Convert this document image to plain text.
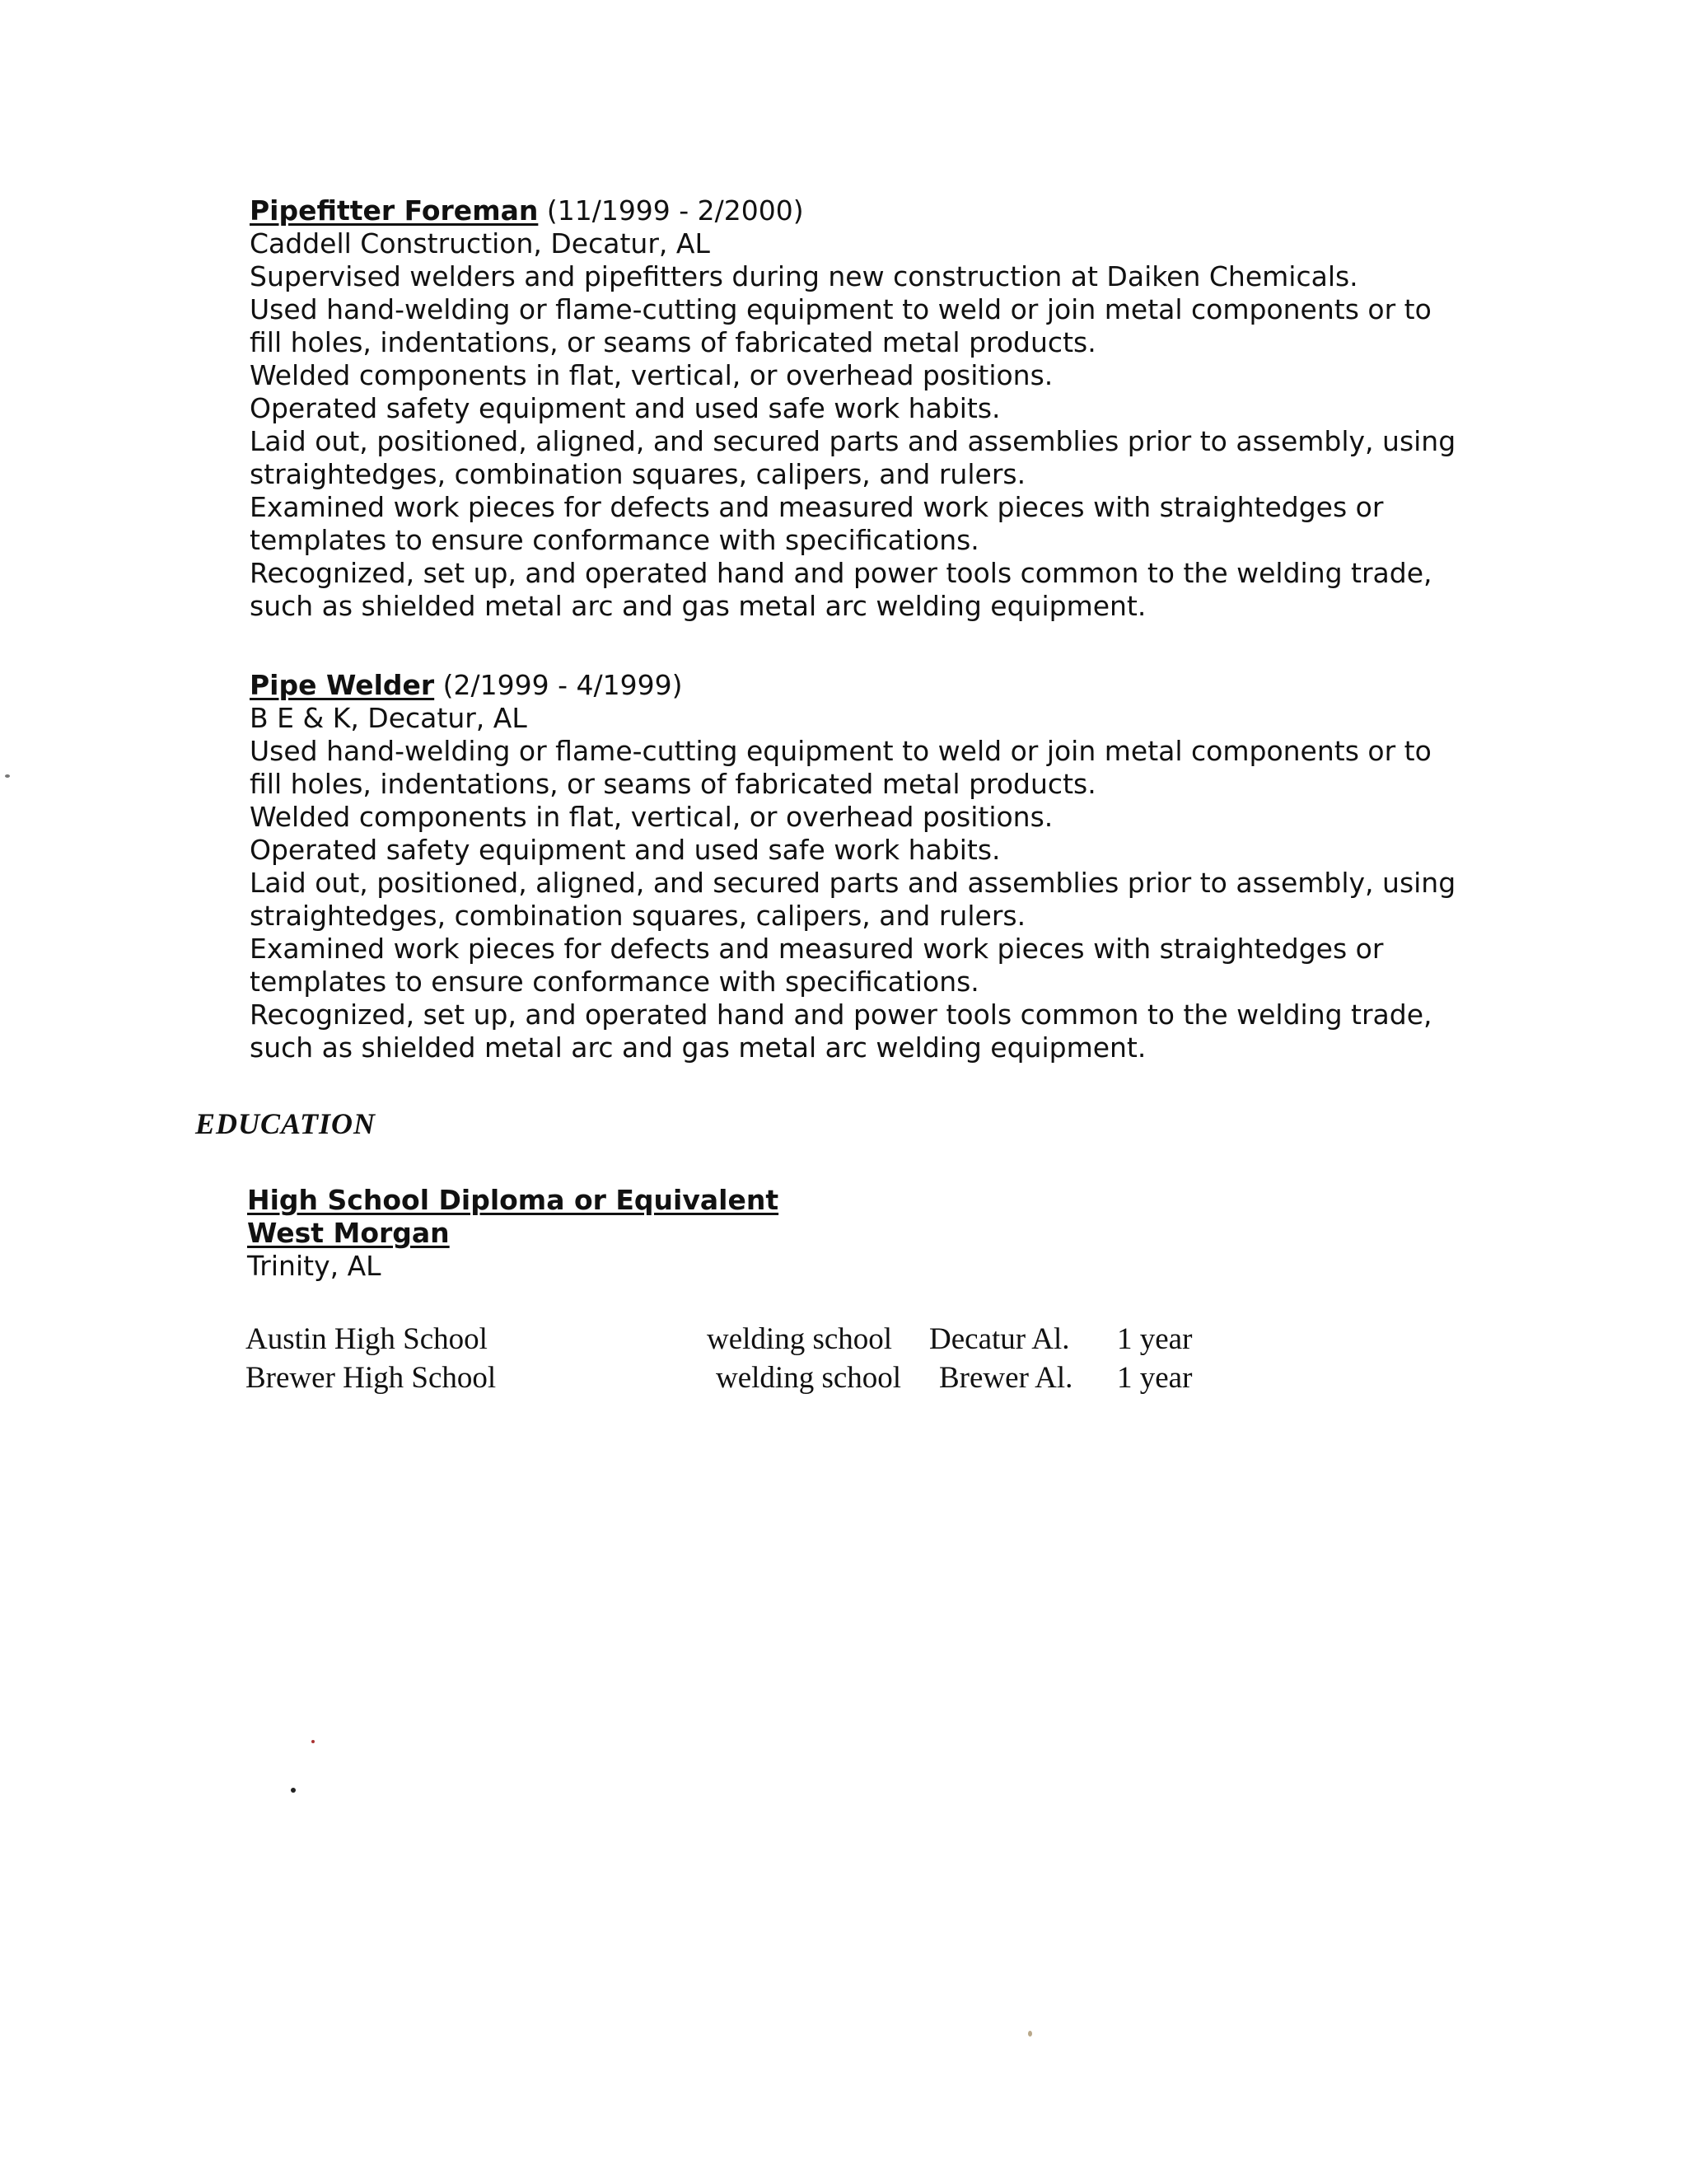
Pipefitter Foreman (11/1999 - 2/2000)
Caddell Construction, Decatur, AL
Supervised welders and pipefitters during new construction at Daiken Chemicals.
Used hand-welding or flame-cutting equipment to weld or join metal components or to
fill holes, indentations, or seams of fabricated metal products.
Welded components in flat, vertical, or overhead positions.
Operated safety equipment and used safe work habits.
Laid out, positioned, aligned, and secured parts and assemblies prior to assembly, using
straightedges, combination squares, calipers, and rulers.
Examined work pieces for defects and measured work pieces with straightedges or
templates to ensure conformance with specifications.
Recognized, set up, and operated hand and power tools common to the welding trade,
such as shielded metal arc and gas metal arc welding equipment.
Pipe Welder (2/1999 - 4/1999)
B E & K, Decatur, AL
Used hand-welding or flame-cutting equipment to weld or join metal components or to
fill holes, indentations, or seams of fabricated metal products.
Welded components in flat, vertical, or overhead positions.
Operated safety equipment and used safe work habits.
Laid out, positioned, aligned, and secured parts and assemblies prior to assembly, using
straightedges, combination squares, calipers, and rulers.
Examined work pieces for defects and measured work pieces with straightedges or
templates to ensure conformance with specifications.
Recognized, set up, and operated hand and power tools common to the welding trade,
such as shielded metal arc and gas metal arc welding equipment.
EDUCATION
High School Diploma or Equivalent
West Morgan
Trinity, AL
Austin High School	welding school Decatur Al. 1 year
Brewer High School	welding school Brewer Al. 1 year
